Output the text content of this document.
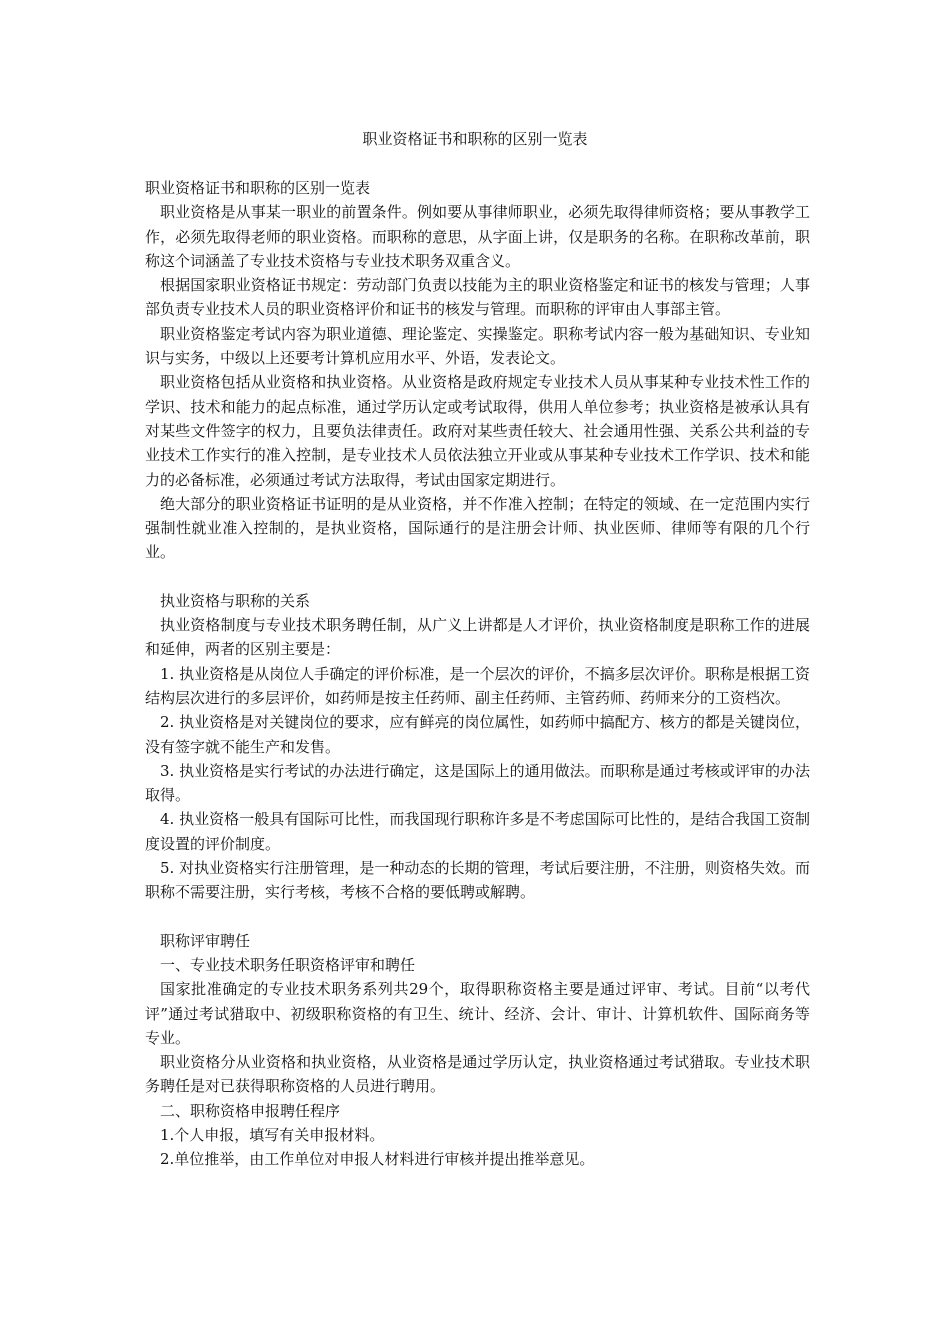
职业资格证书和职称的区别一览表

职业资格证书和职称的区别一览表

职业资格是从事某一职业的前置条件。例如要从事律师职业，必须先取得律师资格；要从事教学工作，必须先取得老师的职业资格。而职称的意思，从字面上讲，仅是职务的名称。在职称改革前，职称这个词涵盖了专业技术资格与专业技术职务双重含义。

根据国家职业资格证书规定：劳动部门负责以技能为主的职业资格鉴定和证书的核发与管理；人事部负责专业技术人员的职业资格评价和证书的核发与管理。而职称的评审由人事部主管。

职业资格鉴定考试内容为职业道德、理论鉴定、实操鉴定。职称考试内容一般为基础知识、专业知识与实务，中级以上还要考计算机应用水平、外语，发表论文。

职业资格包括从业资格和执业资格。从业资格是政府规定专业技术人员从事某种专业技术性工作的学识、技术和能力的起点标准，通过学历认定或考试取得，供用人单位参考；执业资格是被承认具有对某些文件签字的权力，且要负法律责任。政府对某些责任较大、社会通用性强、关系公共利益的专业技术工作实行的准入控制，是专业技术人员依法独立开业或从事某种专业技术工作学识、技术和能力的必备标准，必须通过考试方法取得，考试由国家定期进行。

绝大部分的职业资格证书证明的是从业资格，并不作准入控制；在特定的领域、在一定范围内实行强制性就业准入控制的，是执业资格，国际通行的是注册会计师、执业医师、律师等有限的几个行业。

执业资格与职称的关系

执业资格制度与专业技术职务聘任制，从广义上讲都是人才评价，执业资格制度是职称工作的进展和延伸，两者的区别主要是：

1. 执业资格是从岗位人手确定的评价标准，是一个层次的评价，不搞多层次评价。职称是根据工资结构层次进行的多层评价，如药师是按主任药师、副主任药师、主管药师、药师来分的工资档次。

2. 执业资格是对关键岗位的要求，应有鲜亮的岗位属性，如药师中搞配方、核方的都是关键岗位，没有签字就不能生产和发售。

3. 执业资格是实行考试的办法进行确定，这是国际上的通用做法。而职称是通过考核或评审的办法取得。

4. 执业资格一般具有国际可比性，而我国现行职称许多是不考虑国际可比性的，是结合我国工资制度设置的评价制度。

5. 对执业资格实行注册管理，是一种动态的长期的管理，考试后要注册，不注册，则资格失效。而职称不需要注册，实行考核，考核不合格的要低聘或解聘。

职称评审聘任

一、专业技术职务任职资格评审和聘任

国家批准确定的专业技术职务系列共29个，取得职称资格主要是通过评审、考试。目前“以考代评”通过考试猎取中、初级职称资格的有卫生、统计、经济、会计、审计、计算机软件、国际商务等专业。

职业资格分从业资格和执业资格，从业资格是通过学历认定，执业资格通过考试猎取。专业技术职务聘任是对已获得职称资格的人员进行聘用。

二、职称资格申报聘任程序

1.个人申报，填写有关申报材料。

2.单位推举，由工作单位对申报人材料进行审核并提出推举意见。
